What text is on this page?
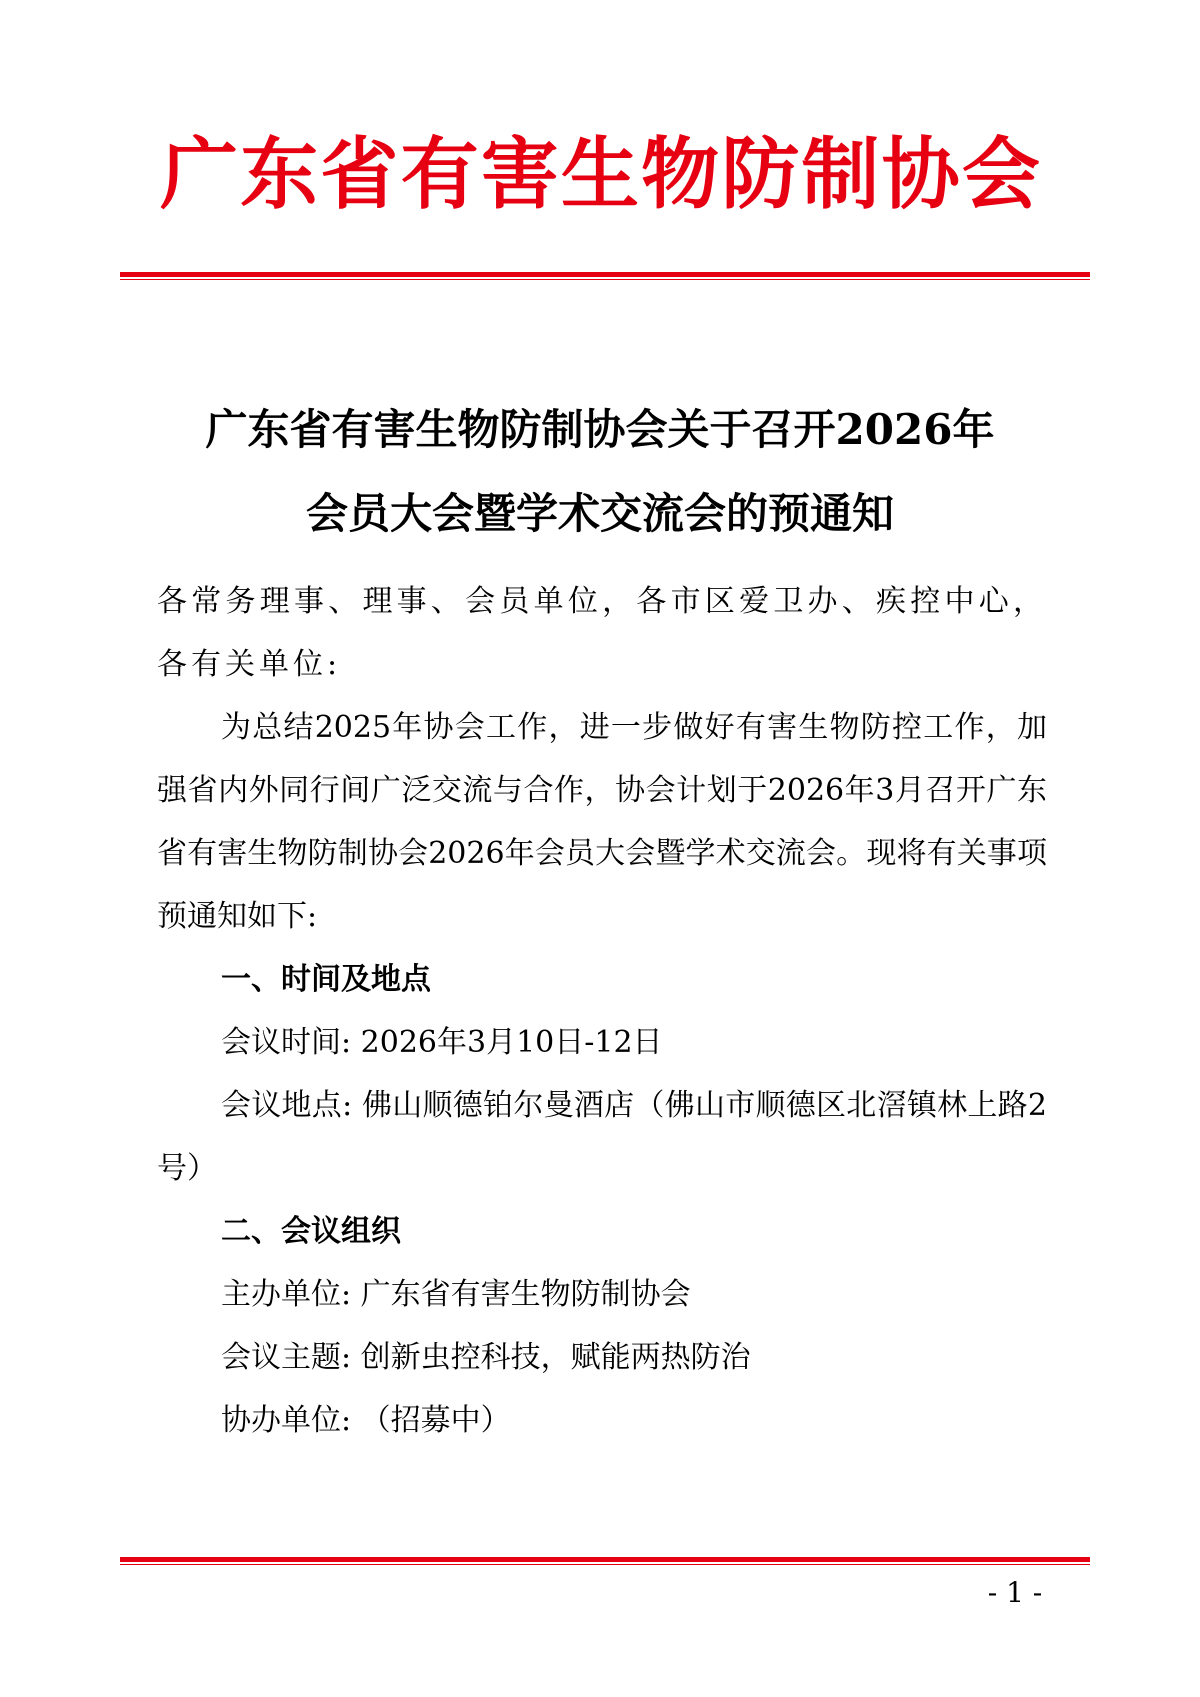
广 东 省 有 害 生 物 防 制 协 会
广东省有害生物防制协会关于召开2026年
会员大会暨学术交流会的预通知

各常务理事、理事、会员单位，各市区爱卫办、疾控中心，各有关单位:

为总结2025年协会工作，进一步做好有害生物防控工作，加强省内外同行间广泛交流与合作，协会计划于2026年3月召开广东省有害生物防制协会2026年会员大会暨学术交流会。现将有关事项预通知如下:

一、时间及地点

会议时间: 2026年3月10日-12日

会议地点: 佛山顺德铂尔曼酒店（佛山市顺德区北滘镇林上路2号）

二、会议组织

主办单位: 广东省有害生物防制协会

会议主题: 创新虫控科技，赋能两热防治

协办单位: （招募中）

- 1 -
